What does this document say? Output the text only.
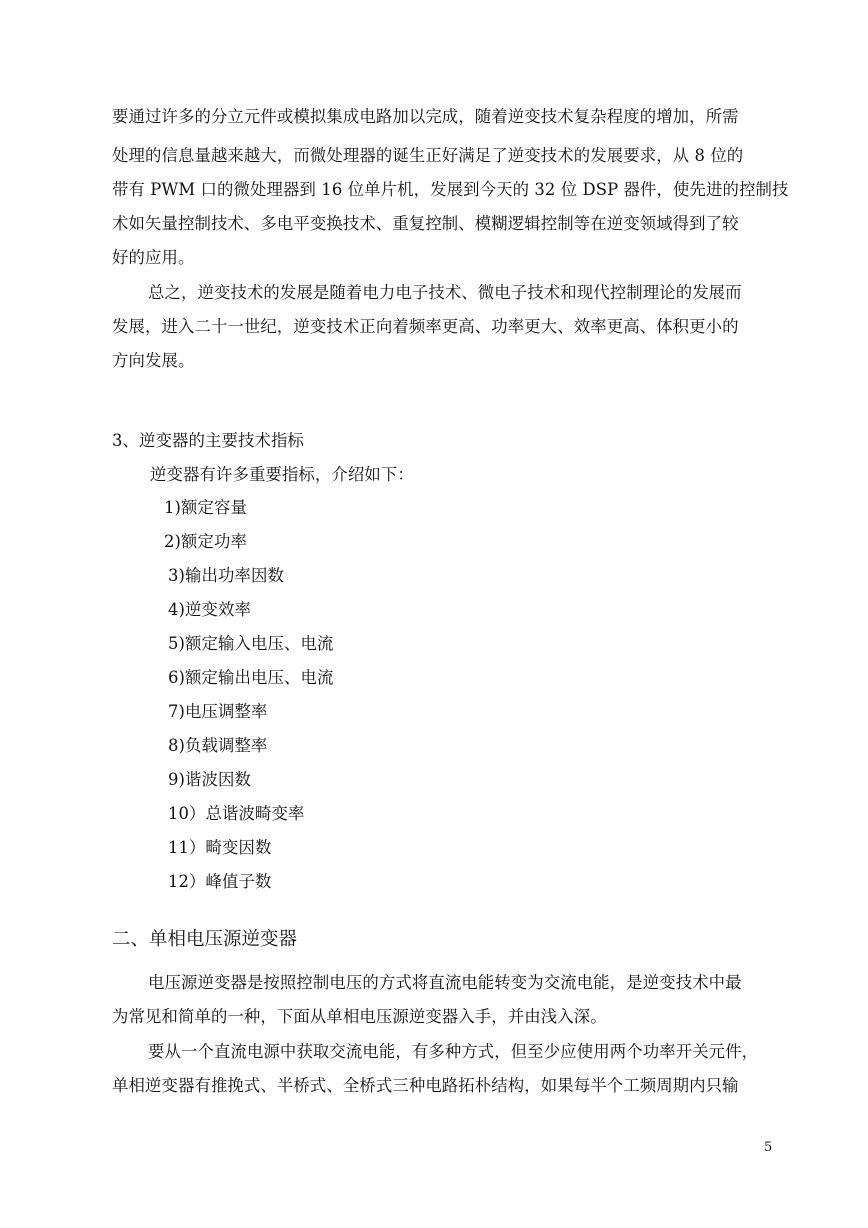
要通过许多的分立元件或模拟集成电路加以完成，随着逆变技术复杂程度的增加，所需
处理的信息量越来越大，而微处理器的诞生正好满足了逆变技术的发展要求，从 8 位的
带有 PWM 口的微处理器到 16 位单片机，发展到今天的 32 位 DSP 器件，使先进的控制技
术如矢量控制技术、多电平变换技术、重复控制、模糊逻辑控制等在逆变领域得到了较
好的应用。
总之，逆变技术的发展是随着电力电子技术、微电子技术和现代控制理论的发展而
发展，进入二十一世纪，逆变技术正向着频率更高、功率更大、效率更高、体积更小的
方向发展。
3、逆变器的主要技术指标
逆变器有许多重要指标，介绍如下：
1)额定容量
2)额定功率
3)输出功率因数
4)逆变效率
5)额定输入电压、电流
6)额定输出电压、电流
7)电压调整率
8)负载调整率
9)谐波因数
10）总谐波畸变率
11）畸变因数
12）峰值子数
二、单相电压源逆变器
电压源逆变器是按照控制电压的方式将直流电能转变为交流电能，是逆变技术中最
为常见和简单的一种，下面从单相电压源逆变器入手，并由浅入深。
要从一个直流电源中获取交流电能，有多种方式，但至少应使用两个功率开关元件，
单相逆变器有推挽式、半桥式、全桥式三种电路拓朴结构，如果每半个工频周期内只输
5
